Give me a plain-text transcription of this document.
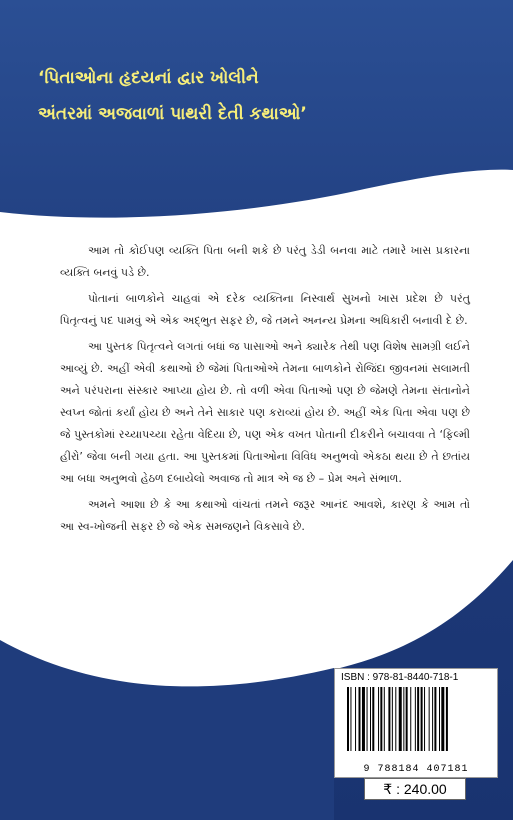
‘પિતાઓના હૃદયનાં દ્વાર ખોલીને
અંતરમાં અજવાળાં પાથરી દેતી કથાઓ’

આમ તો કોઈપણ વ્યક્તિ પિતા બની શકે છે પરંતુ ડેડી બનવા માટે તમારે ખાસ પ્રકારના વ્યક્તિ બનવું પડે છે.

પોતાનાં બાળકોને ચાહવાં એ દરેક વ્યક્તિના નિસ્વાર્થ સુખનો ખાસ પ્રદેશ છે પરંતુ પિતૃત્વનું પદ પામવું એ એક અદ્ભુત સફર છે, જે તમને અનન્ય પ્રેમના અધિકારી બનાવી દે છે.

આ પુસ્તક પિતૃત્વને લગતાં બધાં જ પાસાઓ અને ક્યારેક તેથી પણ વિશેષ સામગ્રી લઈને આવ્યું છે. અહીં એવી કથાઓ છે જેમાં પિતાઓએ તેમના બાળકોને રોજિંદા જીવનમાં સલામતી અને પરંપરાના સંસ્કાર આપ્યા હોય છે. તો વળી એવા પિતાઓ પણ છે જેમણે તેમના સંતાનોને સ્વપ્ન જોતાં કર્યાં હોય છે અને તેને સાકાર પણ કરાવ્યાં હોય છે. અહીં એક પિતા એવા પણ છે જે પુસ્તકોમાં રચ્યાપચ્યા રહેતા વેદિયા છે, પણ એક વખત પોતાની દીકરીને બચાવવા તે ‘ફિલ્મી હીરો’ જેવા બની ગયા હતા. આ પુસ્તકમાં પિતાઓના વિવિધ અનુભવો એકઠા થયા છે તે છતાંય આ બધા અનુભવો હેઠળ દબાયેલો અવાજ તો માત્ર એ જ છે – પ્રેમ અને સંભાળ.

અમને આશા છે કે આ કથાઓ વાંચતાં તમને જરૂર આનંદ આવશે, કારણ કે આમ તો આ સ્વ-ખોજની સફર છે જે એક સમજણને વિકસાવે છે.

ISBN : 978-81-8440-718-1
9 788184 407181
₹ : 240.00
